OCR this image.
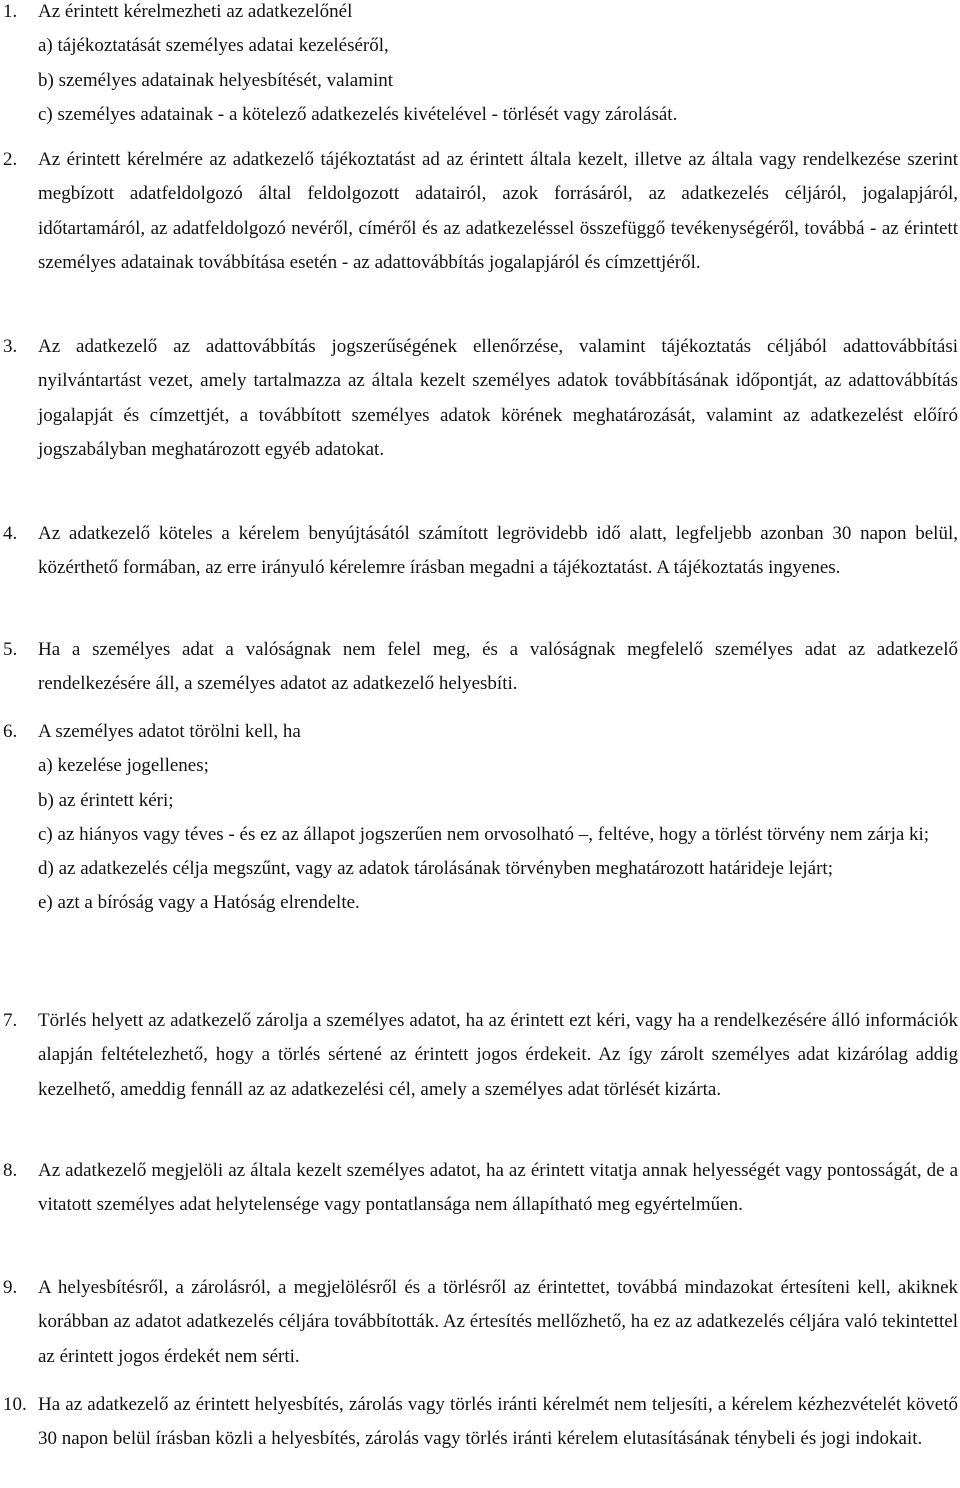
1.	Az érintett kérelmezheti az adatkezelőnél
a) tájékoztatását személyes adatai kezeléséről,
b) személyes adatainak helyesbítését, valamint
c) személyes adatainak - a kötelező adatkezelés kivételével - törlését vagy zárolását.
2.	Az érintett kérelmére az adatkezelő tájékoztatást ad az érintett általa kezelt, illetve az általa vagy rendelkezése szerint megbízott adatfeldolgozó által feldolgozott adatairól, azok forrásáról, az adatkezelés céljáról, jogalapjáról, időtartamáról, az adatfeldolgozó nevéről, címéről és az adatkezeléssel összefüggő tevékenységéről, továbbá - az érintett személyes adatainak továbbítása esetén - az adattovábbítás jogalapjáról és címzettjéről.
3.	Az adatkezelő az adattovábbítás jogszerűségének ellenőrzése, valamint tájékoztatás céljából adattovábbítási nyilvántartást vezet, amely tartalmazza az általa kezelt személyes adatok továbbításának időpontját, az adattovábbítás jogalapját és címzettjét, a továbbított személyes adatok körének meghatározását, valamint az adatkezelést előíró jogszabályban meghatározott egyéb adatokat.
4.	Az adatkezelő köteles a kérelem benyújtásától számított legrövidebb idő alatt, legfeljebb azonban 30 napon belül, közérthető formában, az erre irányuló kérelemre írásban megadni a tájékoztatást. A tájékoztatás ingyenes.
5.	Ha a személyes adat a valóságnak nem felel meg, és a valóságnak megfelelő személyes adat az adatkezelő rendelkezésére áll, a személyes adatot az adatkezelő helyesbíti.
6.	A személyes adatot törölni kell, ha
a) kezelése jogellenes;
b) az érintett kéri;
c) az hiányos vagy téves - és ez az állapot jogszerűen nem orvosolható –, feltéve, hogy a törlést törvény nem zárja ki;
d) az adatkezelés célja megszűnt, vagy az adatok tárolásának törvényben meghatározott határideje lejárt;
e) azt a bíróság vagy a Hatóság elrendelte.
7.	Törlés helyett az adatkezelő zárolja a személyes adatot, ha az érintett ezt kéri, vagy ha a rendelkezésére álló információk alapján feltételezhető, hogy a törlés sértené az érintett jogos érdekeit. Az így zárolt személyes adat kizárólag addig kezelhető, ameddig fennáll az az adatkezelési cél, amely a személyes adat törlését kizárta.
8.	Az adatkezelő megjelöli az általa kezelt személyes adatot, ha az érintett vitatja annak helyességét vagy pontosságát, de a vitatott személyes adat helytelensége vagy pontatlansága nem állapítható meg egyértelműen.
9.	A helyesbítésről, a zárolásról, a megjelölésről és a törlésről az érintettet, továbbá mindazokat értesíteni kell, akiknek korábban az adatot adatkezelés céljára továbbították. Az értesítés mellőzhető, ha ez az adatkezelés céljára való tekintettel az érintett jogos érdekét nem sérti.
10. Ha az adatkezelő az érintett helyesbítés, zárolás vagy törlés iránti kérelmét nem teljesíti, a kérelem kézhezvételét követő 30 napon belül írásban közli a helyesbítés, zárolás vagy törlés iránti kérelem elutasításának ténybeli és jogi indokait.
